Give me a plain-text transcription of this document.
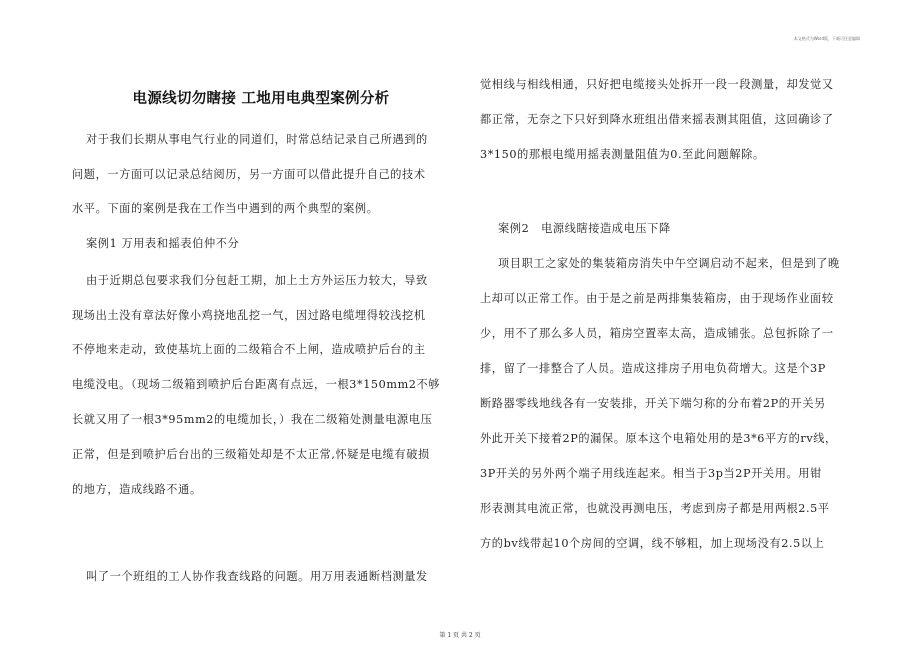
本文格式为Word版，下载可任意编辑
电源线切勿瞎接 工地用电典型案例分析
对于我们长期从事电气行业的同道们，时常总结记录自己所遇到的
问题，一方面可以记录总结阅历，另一方面可以借此提升自己的技术
水平。下面的案例是我在工作当中遇到的两个典型的案例。
案例1 万用表和摇表伯仲不分
由于近期总包要求我们分包赶工期，加上土方外运压力较大，导致
现场出土没有章法好像小鸡挠地乱挖一气，因过路电缆埋得较浅挖机
不停地来走动，致使基坑上面的二级箱合不上闸，造成喷护后台的主
电缆没电。（现场二级箱到喷护后台距离有点远，一根3*150mm2不够
长就又用了一根3*95mm2的电缆加长，）我在二级箱处测量电源电压
正常，但是到喷护后台出的三级箱处却是不太正常,怀疑是电缆有破损
的地方，造成线路不通。
叫了一个班组的工人协作我查线路的问题。用万用表通断档测量发
觉相线与相线相通，只好把电缆接头处拆开一段一段测量，却发觉又
都正常，无奈之下只好到降水班组出借来摇表测其阻值，这回确诊了
3*150的那根电缆用摇表测量阻值为0.至此问题解除。
案例2　电源线瞎接造成电压下降
项目职工之家处的集装箱房消失中午空调启动不起来，但是到了晚
上却可以正常工作。由于是之前是两排集装箱房，由于现场作业面较
少，用不了那么多人员，箱房空置率太高，造成铺张。总包拆除了一
排，留了一排整合了人员。造成这排房子用电负荷增大。这是个3P
断路器零线地线各有一安装排，开关下端匀称的分布着2P的开关另
外此开关下接着2P的漏保。原本这个电箱处用的是3*6平方的rv线，
3P开关的另外两个端子用线连起来。相当于3p当2P开关用。用钳
形表测其电流正常，也就没再测电压，考虑到房子都是用两根2.5平
方的bv线带起10个房间的空调，线不够粗，加上现场没有2.5以上
第 1 页 共 2 页
